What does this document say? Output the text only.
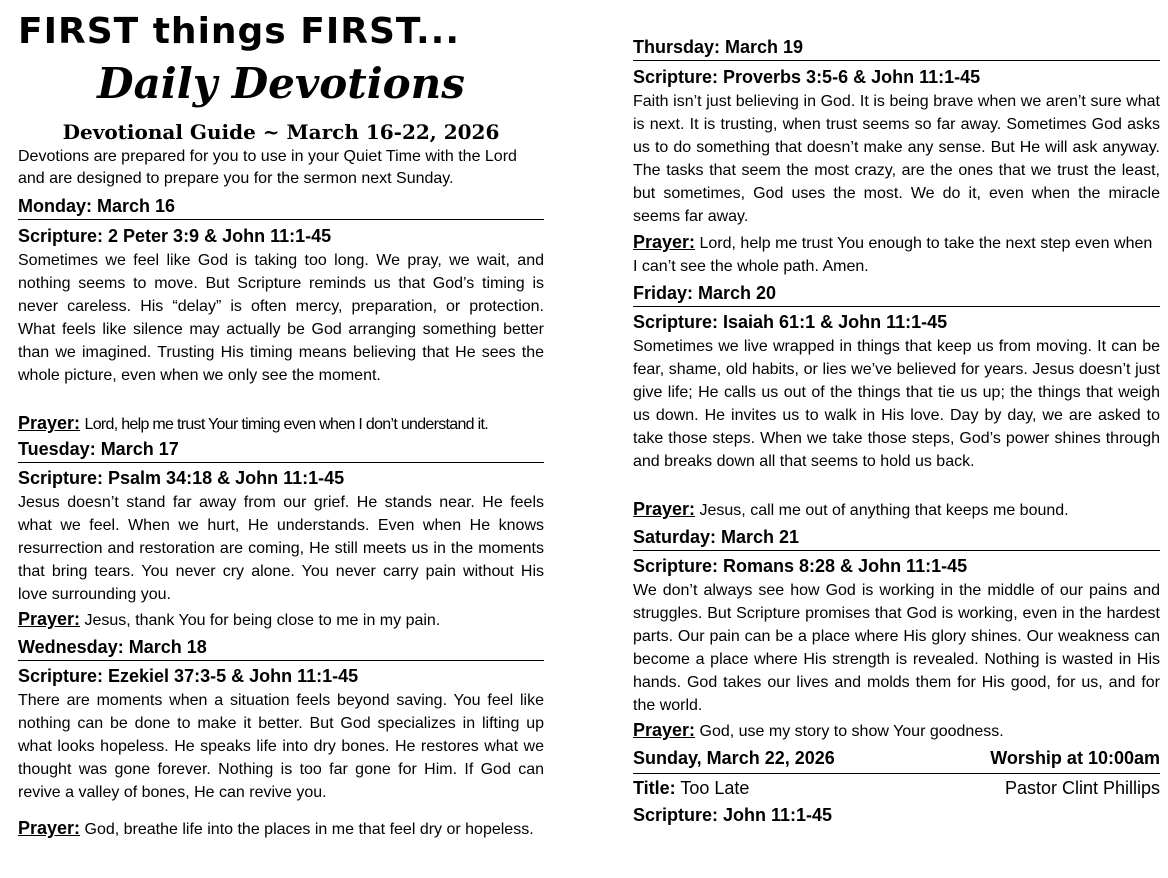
FIRST things FIRST...
Daily Devotions
Devotional Guide ~ March 16-22, 2026

Devotions are prepared for you to use in your Quiet Time with the Lord and are designed to prepare you for the sermon next Sunday.

Monday: March 16
Scripture: 2 Peter 3:9 & John 11:1-45

Sometimes we feel like God is taking too long. We pray, we wait, and nothing seems to move. But Scripture reminds us that God’s timing is never careless. His “delay” is often mercy, preparation, or protection. What feels like silence may actually be God arranging something better than we imagined. Trusting His timing means believing that He sees the whole picture, even when we only see the moment.

Prayer: Lord, help me trust Your timing even when I don’t understand it.

Tuesday: March 17
Scripture: Psalm 34:18 & John 11:1-45

Jesus doesn’t stand far away from our grief. He stands near. He feels what we feel. When we hurt, He understands. Even when He knows resurrection and restoration are coming, He still meets us in the moments that bring tears. You never cry alone. You never carry pain without His love surrounding you.

Prayer: Jesus, thank You for being close to me in my pain.

Wednesday: March 18
Scripture: Ezekiel 37:3-5 & John 11:1-45

There are moments when a situation feels beyond saving. You feel like nothing can be done to make it better. But God specializes in lifting up what looks hopeless. He speaks life into dry bones. He restores what we thought was gone forever. Nothing is too far gone for Him. If God can revive a valley of bones, He can revive you.

Prayer: God, breathe life into the places in me that feel dry or hopeless.

Thursday: March 19
Scripture: Proverbs 3:5-6 & John 11:1-45

Faith isn’t just believing in God. It is being brave when we aren’t sure what is next. It is trusting, when trust seems so far away. Sometimes God asks us to do something that doesn’t make any sense. But He will ask anyway. The tasks that seem the most crazy, are the ones that we trust the least, but sometimes, God uses the most. We do it, even when the miracle seems far away.

Prayer: Lord, help me trust You enough to take the next step even when I can’t see the whole path. Amen.

Friday: March 20
Scripture: Isaiah 61:1 & John 11:1-45

Sometimes we live wrapped in things that keep us from moving. It can be fear, shame, old habits, or lies we’ve believed for years. Jesus doesn’t just give life; He calls us out of the things that tie us up; the things that weigh us down. He invites us to walk in His love. Day by day, we are asked to take those steps. When we take those steps, God’s power shines through and breaks down all that seems to hold us back.

Prayer: Jesus, call me out of anything that keeps me bound.

Saturday: March 21
Scripture: Romans 8:28 & John 11:1-45

We don’t always see how God is working in the middle of our pains and struggles. But Scripture promises that God is working, even in the hardest parts. Our pain can be a place where His glory shines. Our weakness can become a place where His strength is revealed. Nothing is wasted in His hands. God takes our lives and molds them for His good, for us, and for the world.

Prayer: God, use my story to show Your goodness.

Sunday, March 22, 2026	Worship at 10:00am
Title: Too Late	Pastor Clint Phillips
Scripture: John 11:1-45
